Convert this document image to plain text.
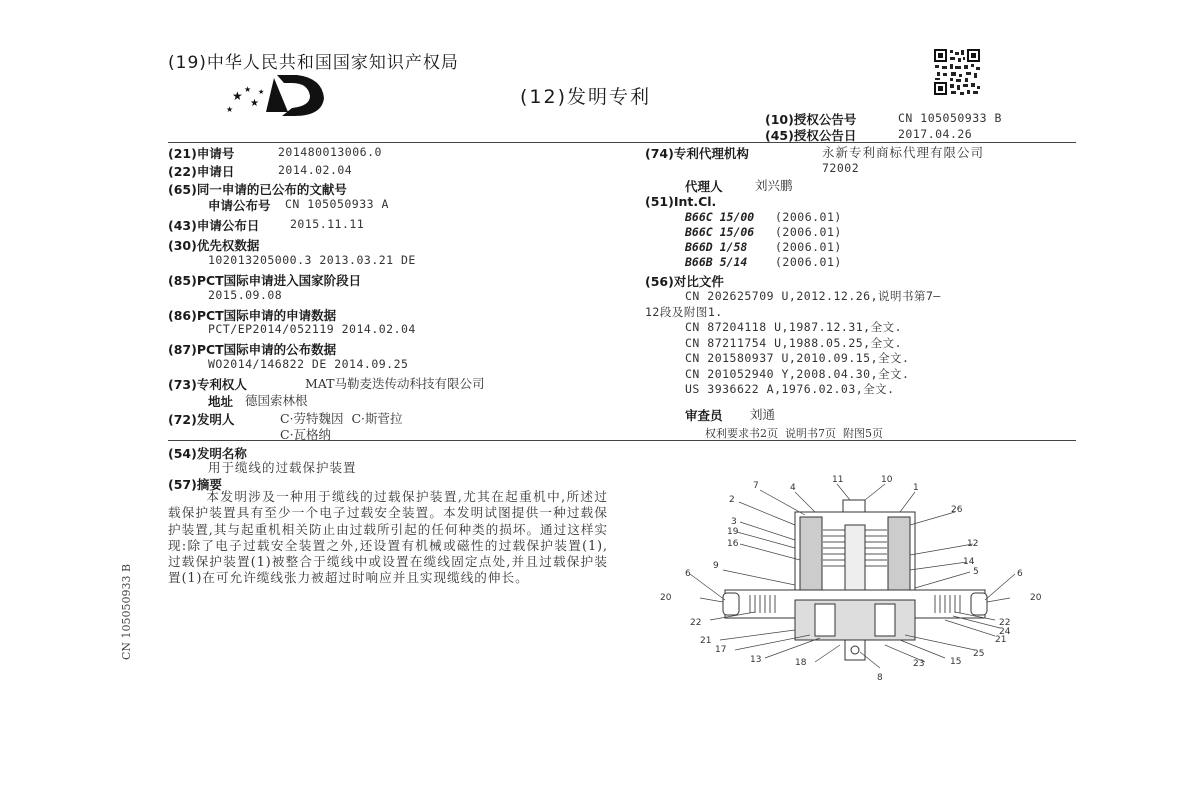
(19)中华人民共和国国家知识产权局
★ ★
★
★
★
(12)发明专利
(10)授权公告号	CN 105050933 B
(45)授权公告日	2017.04.26
(21)申请号	201480013006.0
(22)申请日	2014.02.04
(65)同一申请的已公布的文献号
申请公布号 CN 105050933 A
(43)申请公布日	2015.11.11
(30)优先权数据
102013205000.3 2013.03.21 DE
(85)PCT国际申请进入国家阶段日
2015.09.08
(86)PCT国际申请的申请数据
PCT/EP2014/052119 2014.02.04
(87)PCT国际申请的公布数据
WO2014/146822 DE 2014.09.25
(73)专利权人	MAT马勒麦迭传动科技有限公司
地址 德国索林根
(72)发明人	C·劳特魏因  C·斯菅拉
C·瓦格纳
(74)专利代理机构	永新专利商标代理有限公司
72002
代理人	刘兴鹏
(51)Int.Cl.
B66C 15/00 (2006.01)
B66C 15/06 (2006.01)
B66D 1/58 (2006.01)
B66B 5/14 (2006.01)
(56)对比文件
CN 202625709 U,2012.12.26,说明书第7—
12段及附图1.
CN 87204118 U,1987.12.31,全文.
CN 87211754 U,1988.05.25,全文.
CN 201580937 U,2010.09.15,全文.
CN 201052940 Y,2008.04.30,全文.
US 3936622 A,1976.02.03,全文.
审查员 刘通
权利要求书2页  说明书7页  附图5页
(54)发明名称
用于缆线的过载保护装置
(57)摘要
本发明涉及一种用于缆线的过载保护装置,尤其在起重机中,所述过载保护装置具有至少一个电子过载安全装置。本发明试图提供一种过载保护装置,其与起重机相关防止由过载所引起的任何种类的损坏。通过这样实现:除了电子过载安全装置之外,还设置有机械或磁性的过载保护装置(1),过载保护装置(1)被整合于缆线中或设置在缆线固定点处,并且过载保护装置(1)在可允许缆线张力被超过时响应并且实现缆线的伸长。
CN 105050933 B
7	4
11	10
1
2
26
3
19
16	12
14
9
5
6	6
20	20
22	22
24
21	21
17
13	18	23	15
25
8
